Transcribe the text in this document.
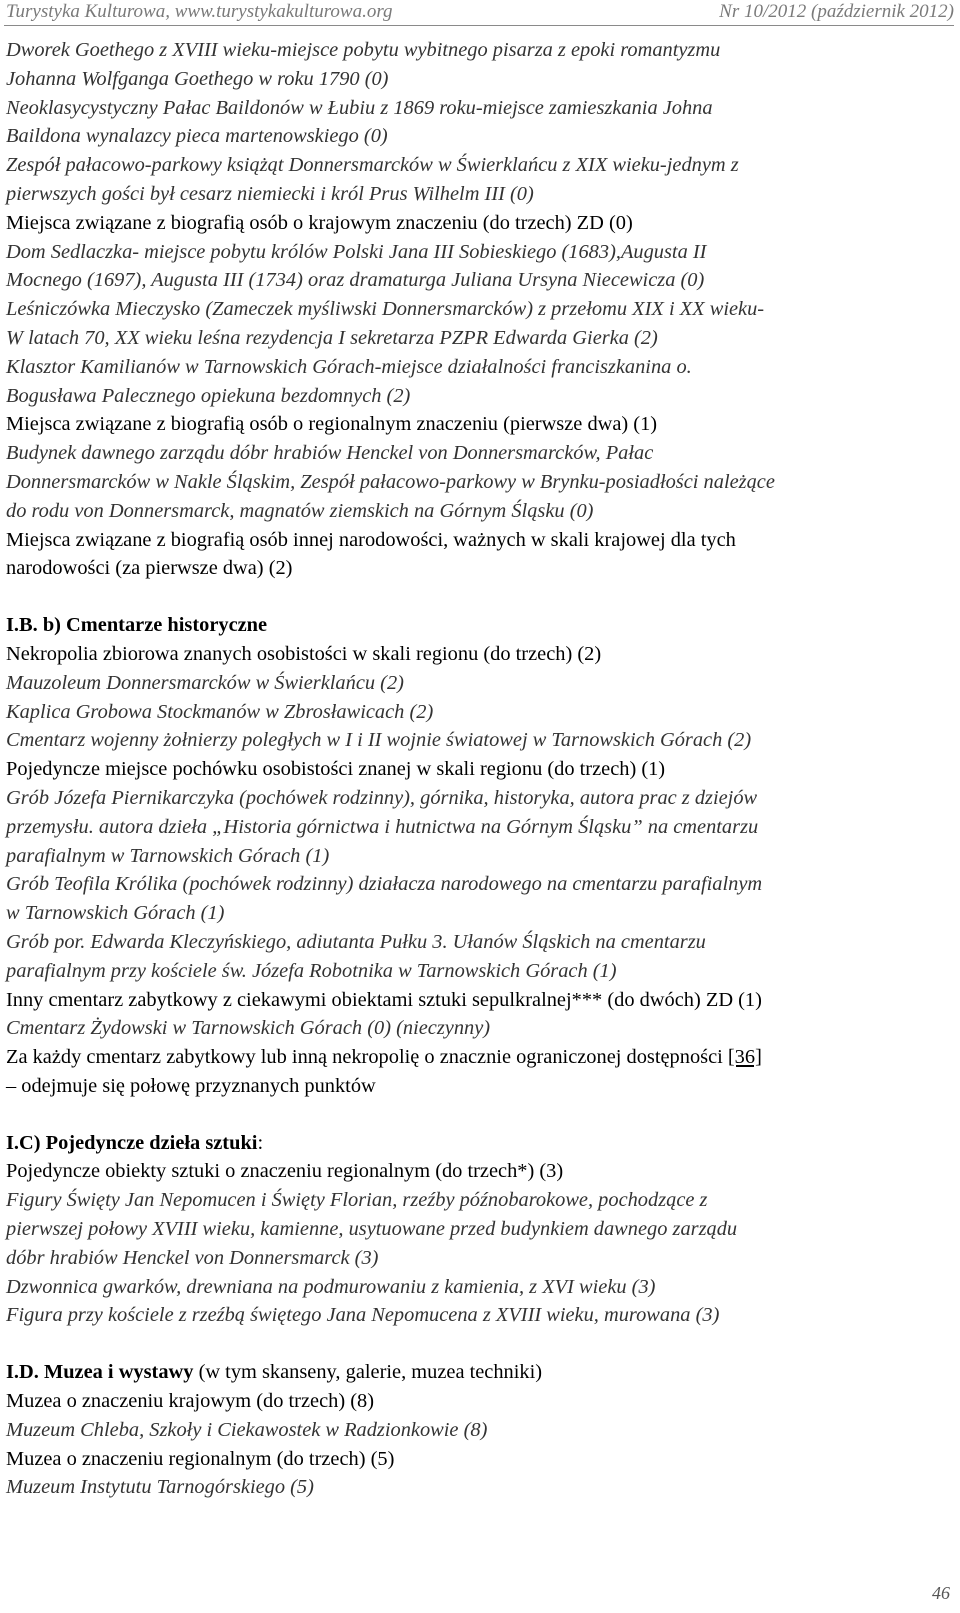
Turystyka Kulturowa, www.turystykakulturowa.org	Nr 10/2012 (październik 2012)

Dworek Goethego z XVIII wieku-miejsce pobytu wybitnego pisarza z epoki romantyzmu

Johanna Wolfganga Goethego w roku 1790 (0)

Neoklasycystyczny Pałac Baildonów w Łubiu z 1869 roku-miejsce zamieszkania Johna

Baildona wynalazcy pieca martenowskiego (0)

Zespół pałacowo-parkowy książąt Donnersmarcków w Świerklańcu z XIX wieku-jednym z

pierwszych gości był cesarz niemiecki i król Prus Wilhelm III (0)

Miejsca związane z biografią osób o krajowym znaczeniu (do trzech) ZD (0)

Dom Sedlaczka- miejsce pobytu królów Polski Jana III Sobieskiego (1683),Augusta II

Mocnego (1697), Augusta III (1734) oraz dramaturga Juliana Ursyna Niecewicza (0)

Leśniczówka Mieczysko (Zameczek myśliwski Donnersmarcków) z przełomu XIX i XX wieku-

W latach 70, XX wieku leśna rezydencja I sekretarza PZPR Edwarda Gierka (2)

Klasztor Kamilianów w Tarnowskich Górach-miejsce działalności franciszkanina o.

Bogusława Palecznego opiekuna bezdomnych (2)

Miejsca związane z biografią osób o regionalnym znaczeniu (pierwsze dwa) (1)

Budynek dawnego zarządu dóbr hrabiów Henckel von Donnersmarcków, Pałac

Donnersmarcków w Nakle Śląskim, Zespół pałacowo-parkowy w Brynku-posiadłości należące

do rodu von Donnersmarck, magnatów ziemskich na Górnym Śląsku (0)

Miejsca związane z biografią osób innej narodowości, ważnych w skali krajowej dla tych

narodowości (za pierwsze dwa) (2)

I.B. b) Cmentarze historyczne

Nekropolia zbiorowa znanych osobistości w skali regionu (do trzech) (2)

Mauzoleum Donnersmarcków w Świerklańcu (2)

Kaplica Grobowa Stockmanów w Zbrosławicach (2)

Cmentarz wojenny żołnierzy poległych w I i II wojnie światowej w Tarnowskich Górach (2)

Pojedyncze miejsce pochówku osobistości znanej w skali regionu (do trzech) (1)

Grób Józefa Piernikarczyka (pochówek rodzinny), górnika, historyka, autora prac z dziejów

przemysłu. autora dzieła „Historia górnictwa i hutnictwa na Górnym Śląsku” na cmentarzu

parafialnym w Tarnowskich Górach (1)

Grób Teofila Królika (pochówek rodzinny) działacza narodowego na cmentarzu parafialnym

w Tarnowskich Górach (1)

Grób por. Edwarda Kleczyńskiego, adiutanta Pułku 3. Ułanów Śląskich na cmentarzu

parafialnym przy kościele św. Józefa Robotnika w Tarnowskich Górach (1)

Inny cmentarz zabytkowy z ciekawymi obiektami sztuki sepulkralnej*** (do dwóch) ZD (1)

Cmentarz Żydowski w Tarnowskich Górach (0) (nieczynny)

Za każdy cmentarz zabytkowy lub inną nekropolię o znacznie ograniczonej dostępności [36]

– odejmuje się połowę przyznanych punktów

I.C) Pojedyncze dzieła sztuki:

Pojedyncze obiekty sztuki o znaczeniu regionalnym (do trzech*) (3)

Figury Święty Jan Nepomucen i Święty Florian, rzeźby późnobarokowe, pochodzące z

pierwszej połowy XVIII wieku, kamienne, usytuowane przed budynkiem dawnego zarządu

dóbr hrabiów Henckel von Donnersmarck (3)

Dzwonnica gwarków, drewniana na podmurowaniu z kamienia, z XVI wieku (3)

Figura przy kościele z rzeźbą świętego Jana Nepomucena z XVIII wieku, murowana (3)

I.D. Muzea i wystawy (w tym skanseny, galerie, muzea techniki)

Muzea o znaczeniu krajowym (do trzech) (8)

Muzeum Chleba, Szkoły i Ciekawostek w Radzionkowie (8)

Muzea o znaczeniu regionalnym (do trzech) (5)

Muzeum Instytutu Tarnogórskiego (5)

46
